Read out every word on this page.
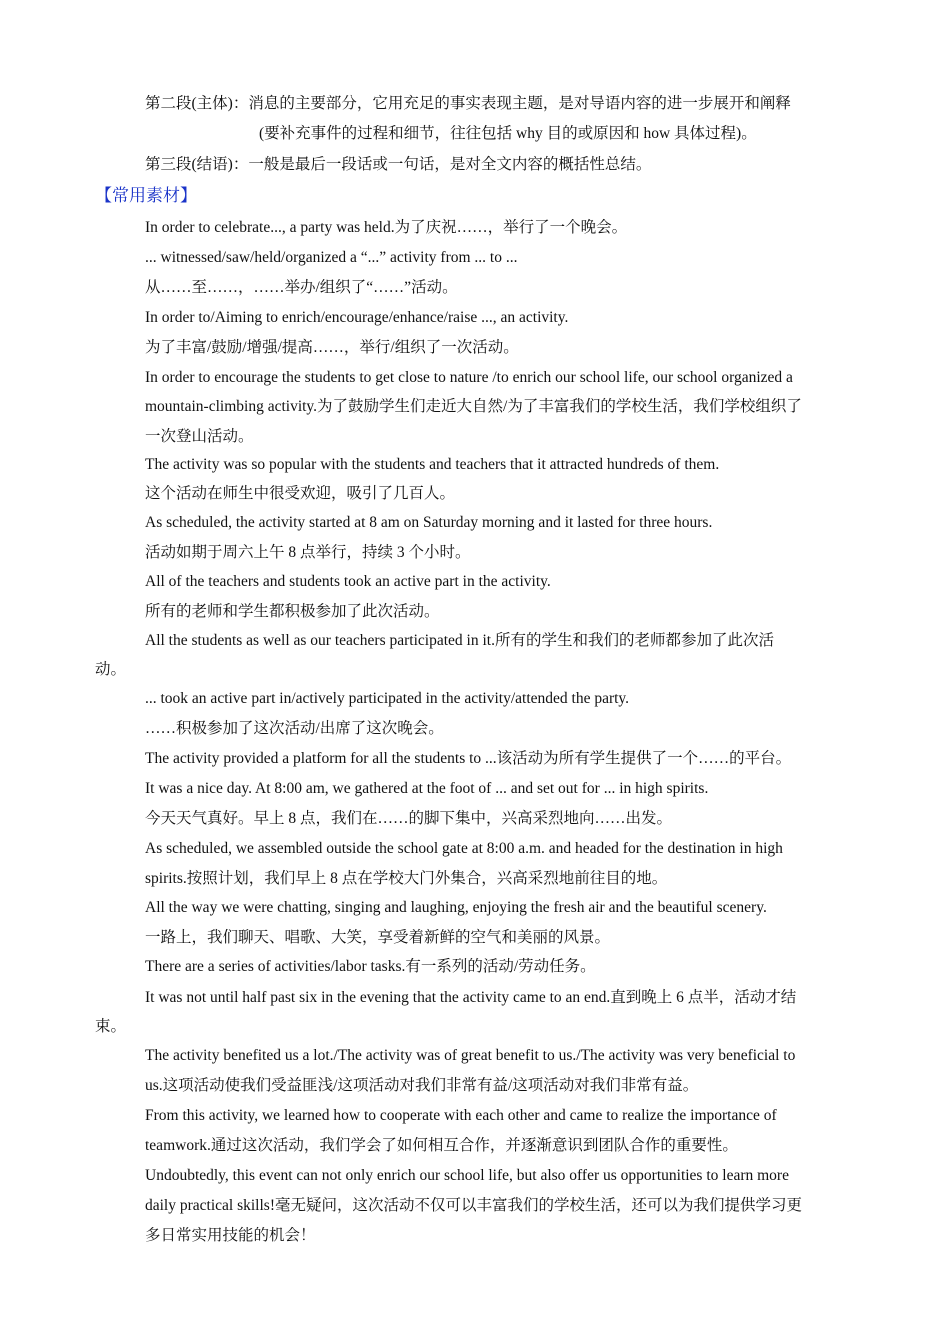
第二段(主体)：消息的主要部分，它用充足的事实表现主题，是对导语内容的进一步展开和阐释
(要补充事件的过程和细节，往往包括 why 目的或原因和 how 具体过程)。
第三段(结语)：一般是最后一段话或一句话，是对全文内容的概括性总结。
【常用素材】
In order to celebrate..., a party was held.为了庆祝……，举行了一个晚会。
... witnessed/saw/held/organized a “...” activity from ... to ...
从……至……，……举办/组织了“……”活动。
In order to/Aiming to enrich/encourage/enhance/raise ..., an activity.
为了丰富/鼓励/增强/提高……，举行/组织了一次活动。
In order to encourage the students to get close to nature /to enrich our school life, our school organized a
mountain-climbing activity.为了鼓励学生们走近大自然/为了丰富我们的学校生活，我们学校组织了
一次登山活动。
The activity was so popular with the students and teachers that it attracted hundreds of them.
这个活动在师生中很受欢迎，吸引了几百人。
As scheduled, the activity started at 8 am on Saturday morning and it lasted for three hours.
活动如期于周六上午 8 点举行，持续 3 个小时。
All of the teachers and students took an active part in the activity.
所有的老师和学生都积极参加了此次活动。
All the students as well as our teachers participated in it.所有的学生和我们的老师都参加了此次活
动。
... took an active part in/actively participated in the activity/attended the party.
……积极参加了这次活动/出席了这次晚会。
The activity provided a platform for all the students to ...该活动为所有学生提供了一个……的平台。
It was a nice day. At 8:00 am, we gathered at the foot of ... and set out for ... in high spirits.
今天天气真好。早上 8 点，我们在……的脚下集中，兴高采烈地向……出发。
As scheduled, we assembled outside the school gate at 8:00 a.m. and headed for the destination in high
spirits.按照计划，我们早上 8 点在学校大门外集合，兴高采烈地前往目的地。
All the way we were chatting, singing and laughing, enjoying the fresh air and the beautiful scenery.
一路上，我们聊天、唱歌、大笑，享受着新鲜的空气和美丽的风景。
There are a series of activities/labor tasks.有一系列的活动/劳动任务。
It was not until half past six in the evening that the activity came to an end.直到晚上 6 点半，活动才结
束。
The activity benefited us a lot./The activity was of great benefit to us./The activity was very beneficial to
us.这项活动使我们受益匪浅/这项活动对我们非常有益/这项活动对我们非常有益。
From this activity, we learned how to cooperate with each other and came to realize the importance of
teamwork.通过这次活动，我们学会了如何相互合作，并逐渐意识到团队合作的重要性。
Undoubtedly, this event can not only enrich our school life, but also offer us opportunities to learn more
daily practical skills!毫无疑问，这次活动不仅可以丰富我们的学校生活，还可以为我们提供学习更
多日常实用技能的机会！
